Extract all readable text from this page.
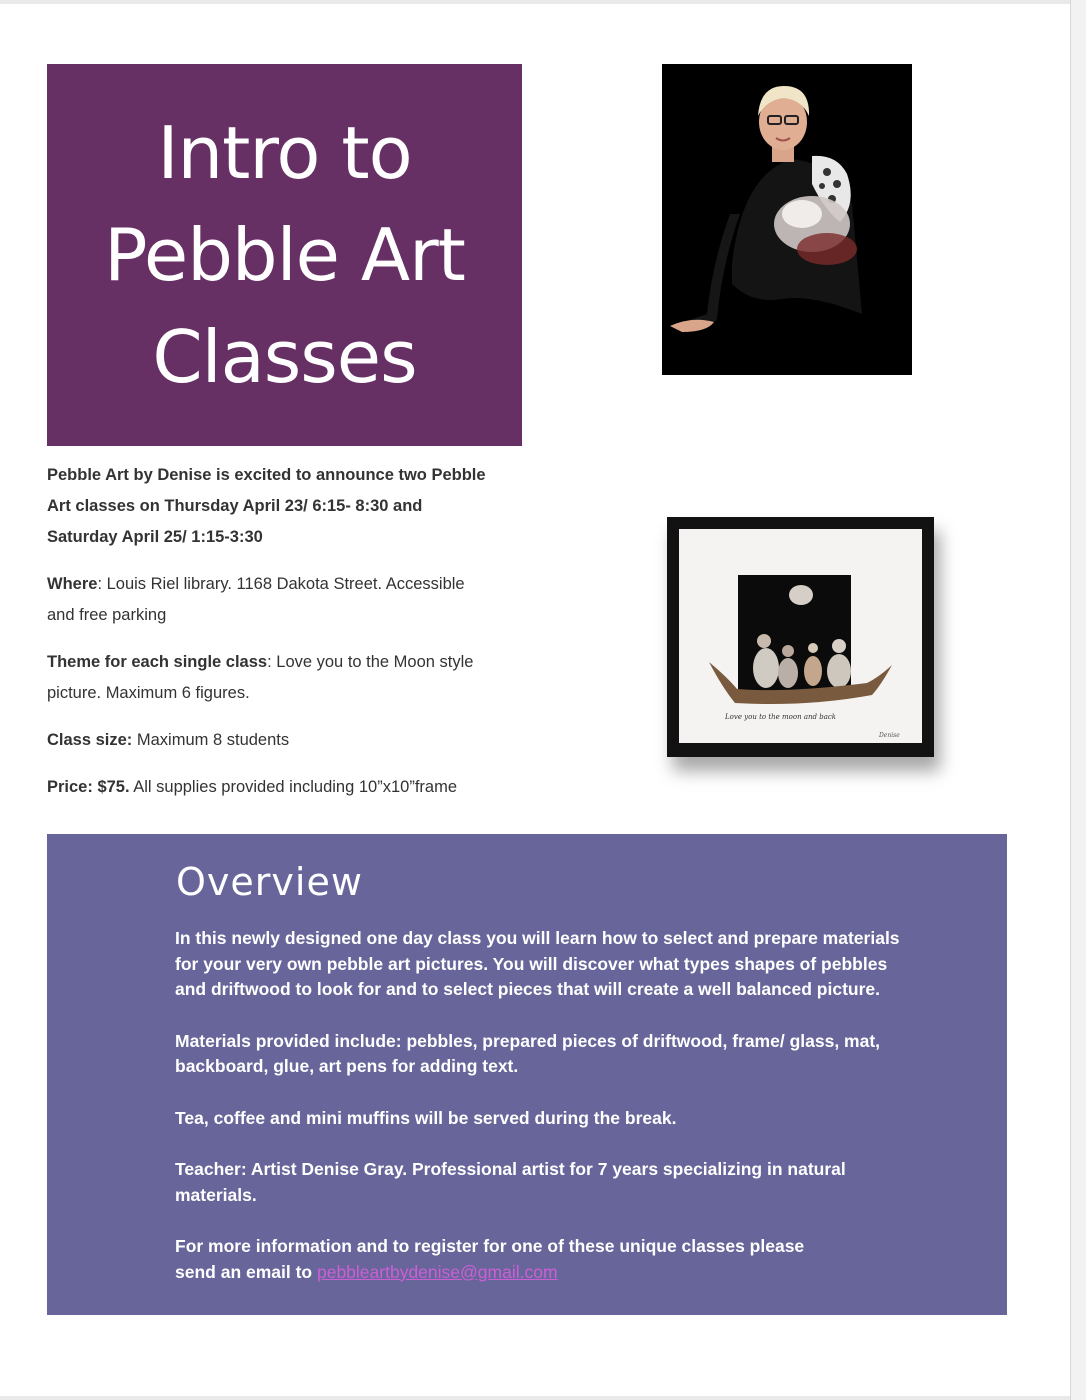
Intro to
Pebble Art
Classes
Love you to the moon and back
Denise

Pebble Art by Denise is excited to announce two Pebble
Art classes on Thursday April 23/ 6:15- 8:30 and
Saturday April 25/ 1:15-3:30

Where: Louis Riel library. 1168 Dakota Street. Accessible
and free parking

Theme for each single class: Love you to the Moon style
picture. Maximum 6 figures.

Class size: Maximum 8 students

Price: $75. All supplies provided including 10”x10”frame

Overview

In this newly designed one day class you will learn how to select and prepare materials for your very own pebble art pictures. You will discover what types shapes of pebbles and driftwood to look for and to select pieces that will create a well balanced picture.

Materials provided include: pebbles, prepared pieces of driftwood, frame/ glass, mat, backboard, glue, art pens for adding text.

Tea, coffee and mini muffins will be served during the break.

Teacher: Artist Denise Gray. Professional artist for 7 years specializing in natural materials.

For more information and to register for one of these unique classes please
send an email to pebbleartbydenise@gmail.com
